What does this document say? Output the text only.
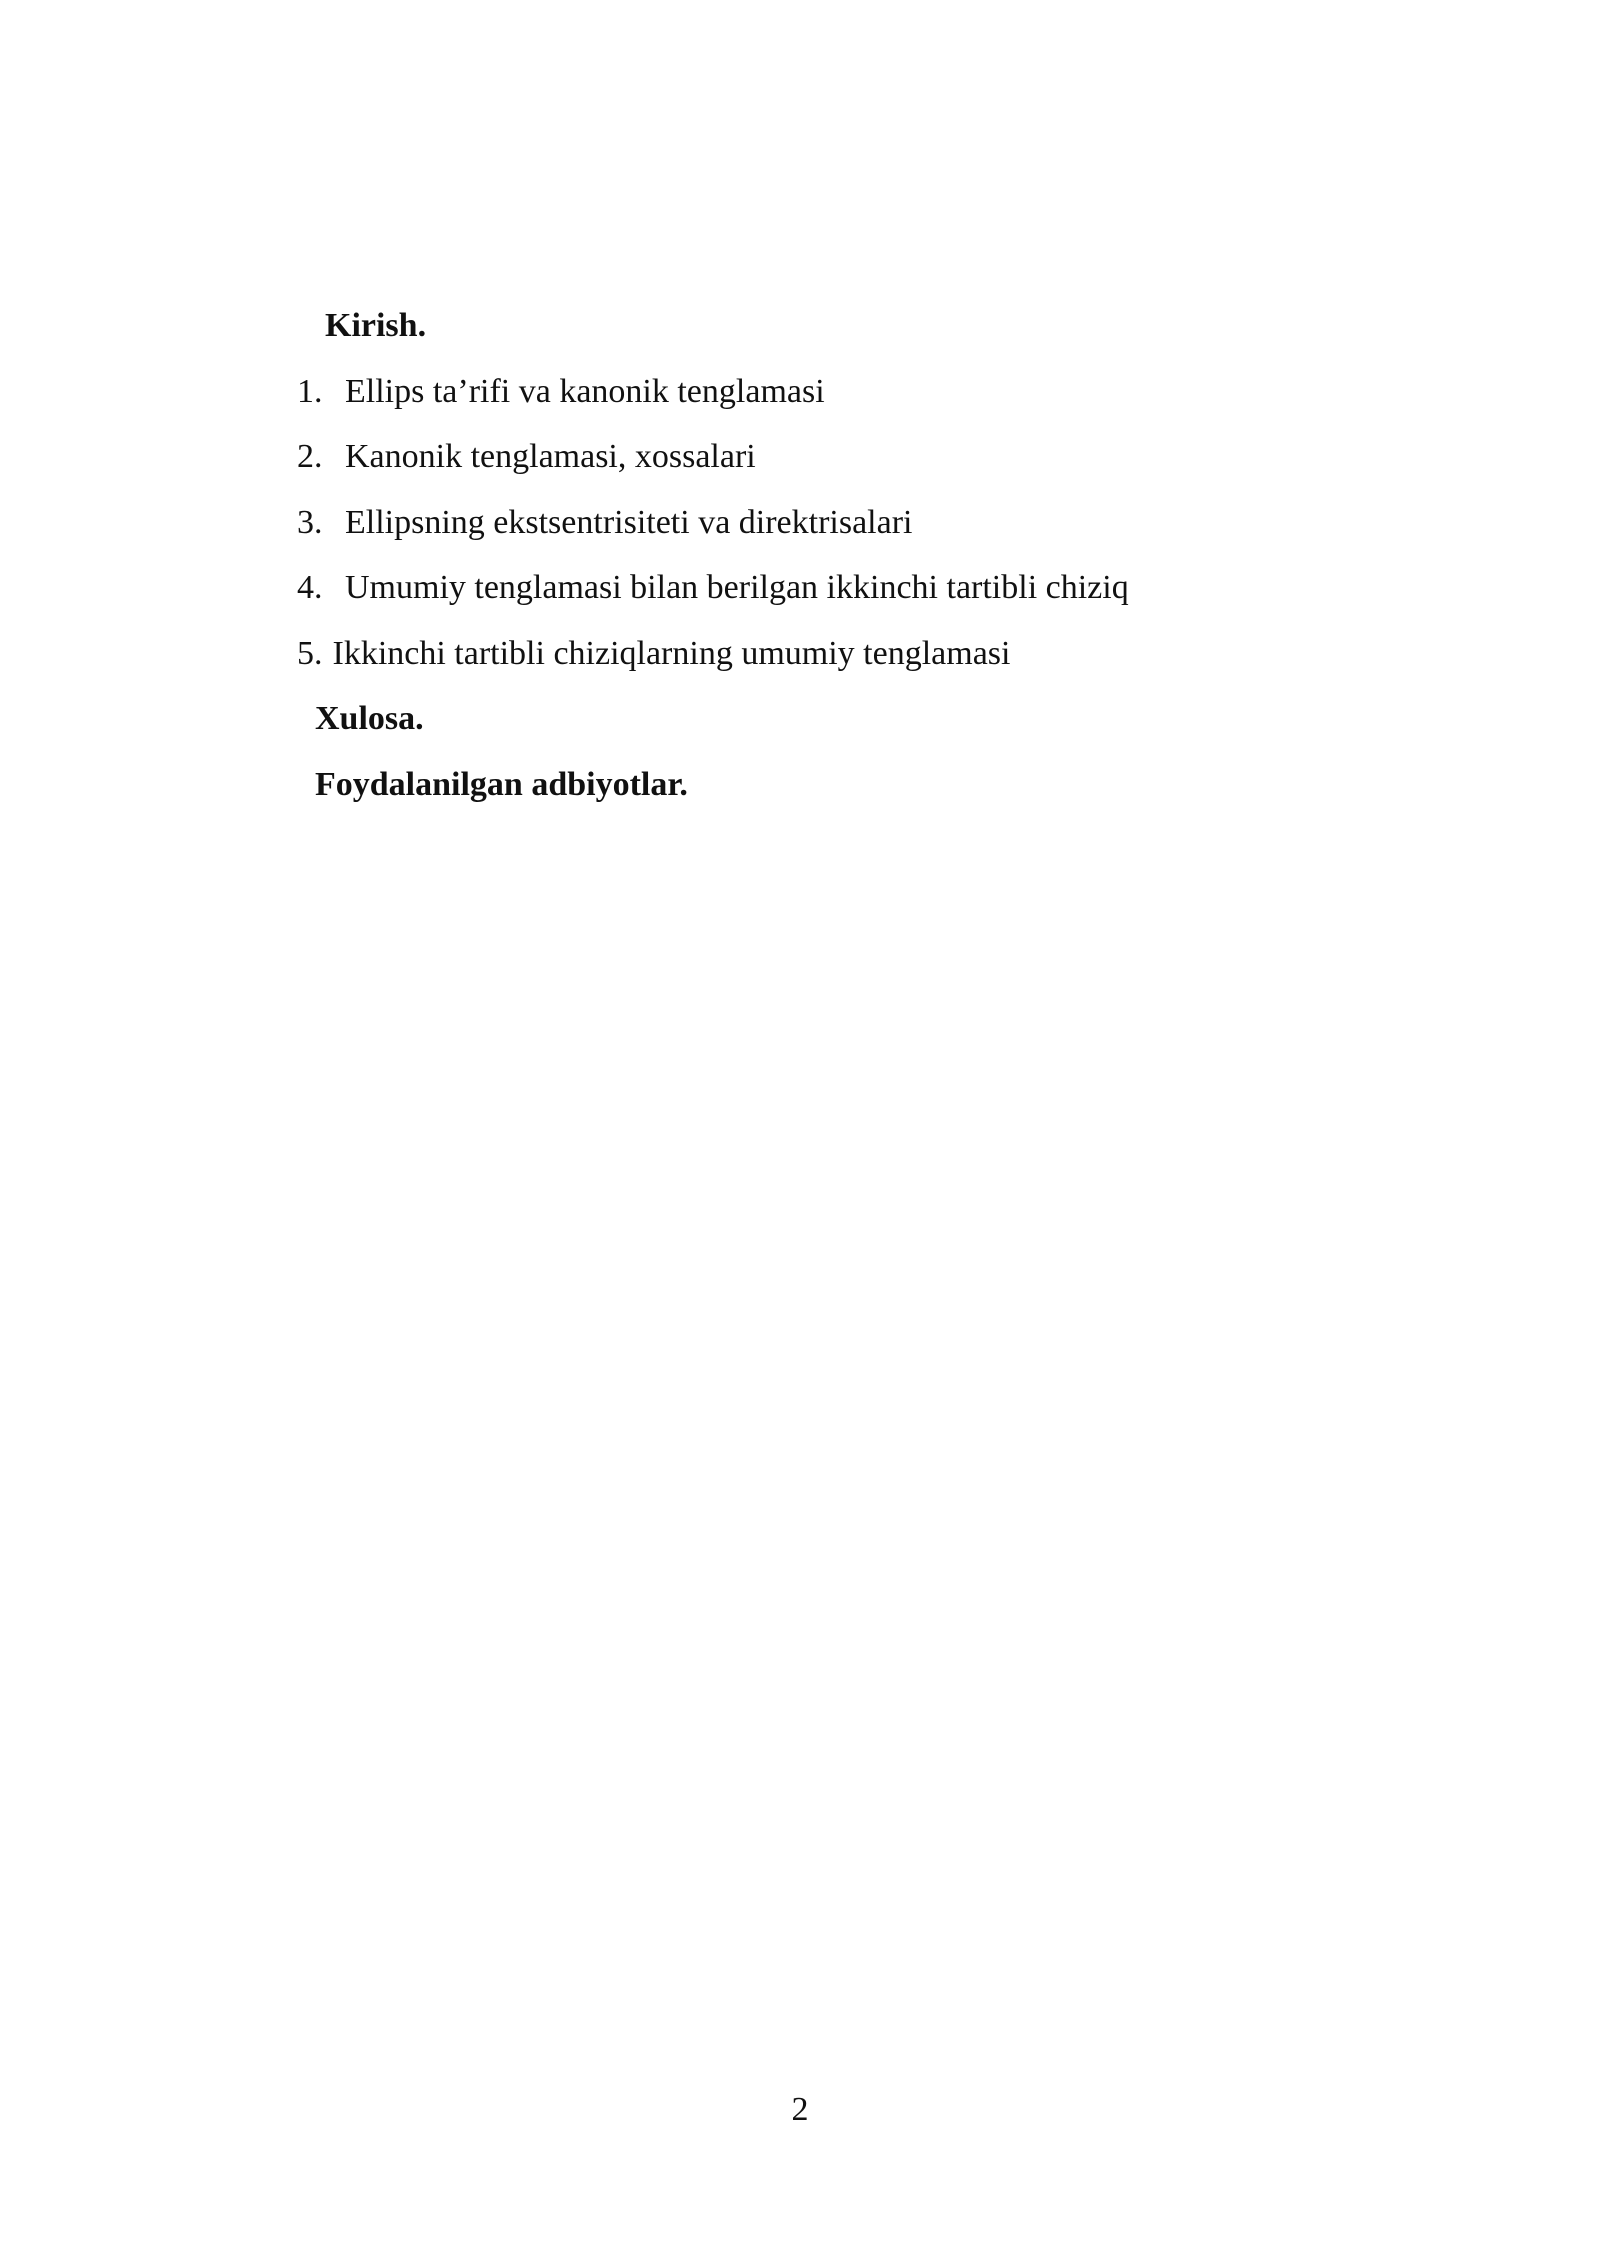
Kirish.
1. Ellips ta’rifi va kanonik tenglamasi
2. Kanonik tenglamasi, xossalari
3. Ellipsning ekstsentrisiteti va direktrisalari
4. Umumiy tenglamasi bilan berilgan ikkinchi tartibli chiziq
5. Ikkinchi tartibli chiziqlarning umumiy tenglamasi
Xulosa.
Foydalanilgan adbiyotlar.
2
